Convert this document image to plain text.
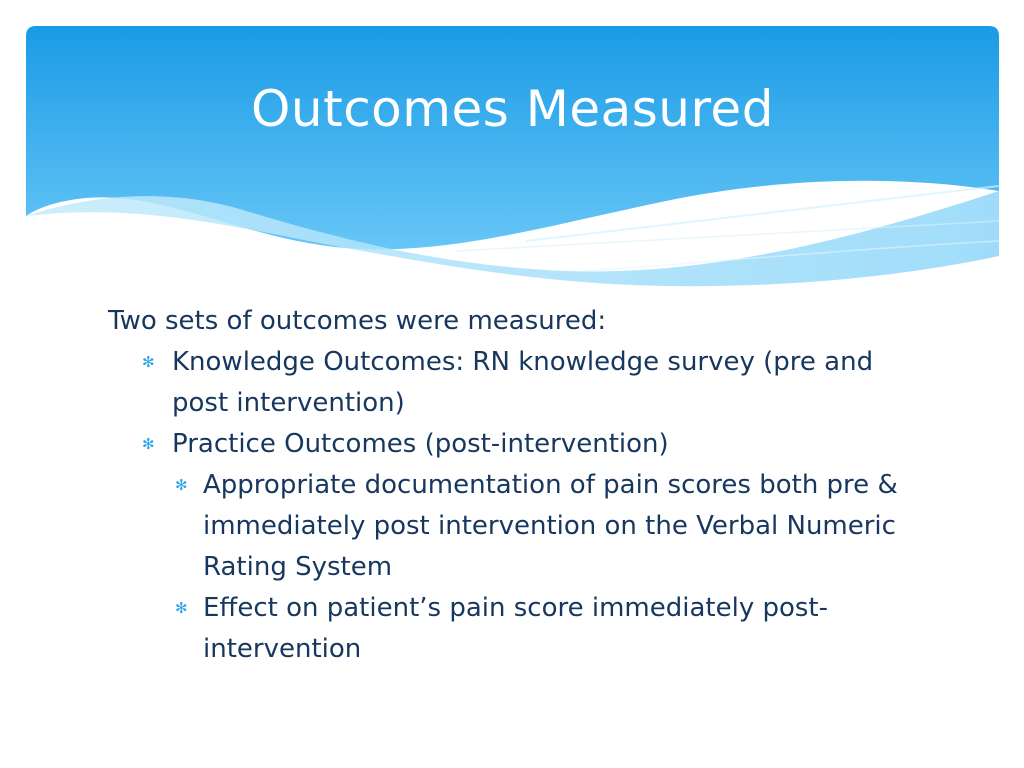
Outcomes Measured

Two sets of outcomes were measured:

✻ Knowledge Outcomes: RN knowledge survey (pre and post intervention)
✻ Practice Outcomes (post-intervention)
✻ Appropriate documentation of pain scores both pre & immediately post intervention on the Verbal Numeric Rating System
✻ Effect on patient’s pain score immediately post-intervention
